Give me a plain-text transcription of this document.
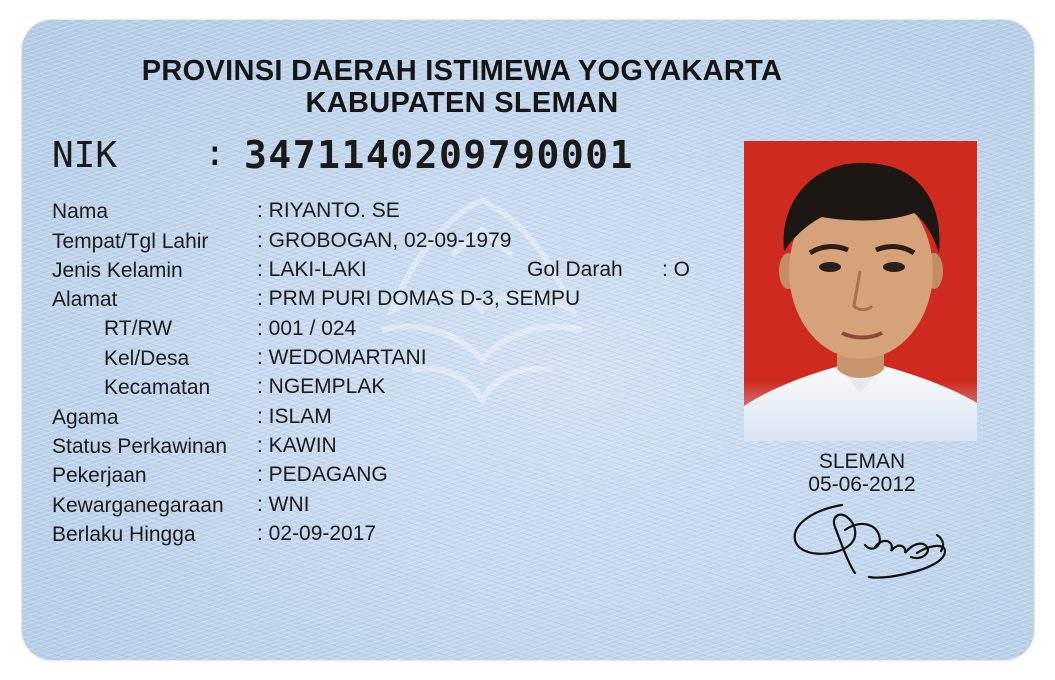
PROVINSI DAERAH ISTIMEWA YOGYAKARTA
KABUPATEN SLEMAN
NIK : 3471140209790001
Nama
Tempat/Tgl Lahir
Jenis Kelamin
Alamat
RT/RW
Kel/Desa
Kecamatan
Agama
Status Perkawinan
Pekerjaan
Kewarganegaraan
Berlaku Hingga
: RIYANTO. SE
: GROBOGAN, 02-09-1979
: LAKI-LAKI	Gol Darah : O
: PRM PURI DOMAS D-3, SEMPU
: 001 / 024
: WEDOMARTANI
: NGEMPLAK
: ISLAM
: KAWIN
: PEDAGANG
: WNI
: 02-09-2017
SLEMAN
05-06-2012
